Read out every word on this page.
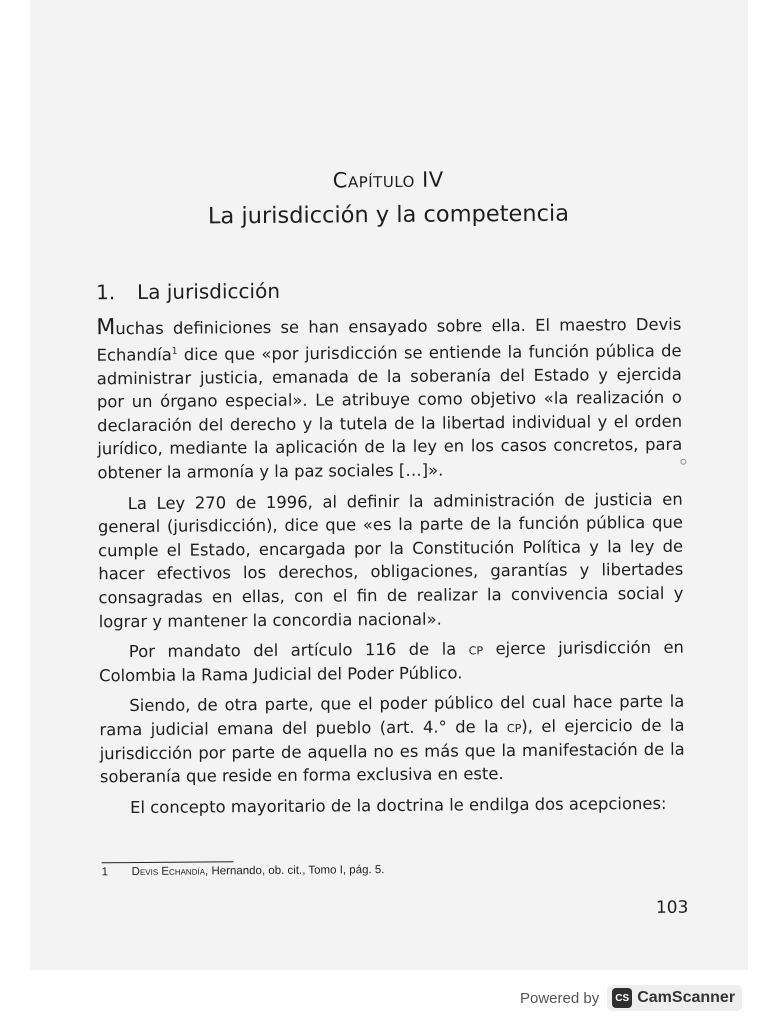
Capítulo IV
La jurisdicción y la competencia
1. La jurisdicción

Muchas definiciones se han ensayado sobre ella. El maestro Devis Echandía$^1$ dice que «por jurisdicción se entiende la función pública de administrar justicia, emanada de la soberanía del Estado y ejercida por un órgano especial». Le atribuye como objetivo «la realización o declaración del derecho y la tutela de la libertad individual y el orden jurídico, mediante la aplicación de la ley en los casos concretos, para obtener la armonía y la paz sociales […]».

La Ley 270 de 1996, al definir la administración de justicia en general (jurisdicción), dice que «es la parte de la función pública que cumple el Estado, encargada por la Constitución Política y la ley de hacer efectivos los derechos, obligaciones, garantías y libertades consagradas en ellas, con el fin de realizar la convivencia social y lograr y mantener la concordia nacional».

Por mandato del artículo 116 de la cp ejerce jurisdicción en Colombia la Rama Judicial del Poder Público.

Siendo, de otra parte, que el poder público del cual hace parte la rama judicial emana del pueblo (art. 4.° de la cp), el ejercicio de la jurisdicción por parte de aquella no es más que la manifestación de la soberanía que reside en forma exclusiva en este.

El concepto mayoritario de la doctrina le endilga dos acepciones:

1 Devis Echandía, Hernando, ob. cit., Tomo I, pág. 5.
103
Powered by	CS CamScanner
